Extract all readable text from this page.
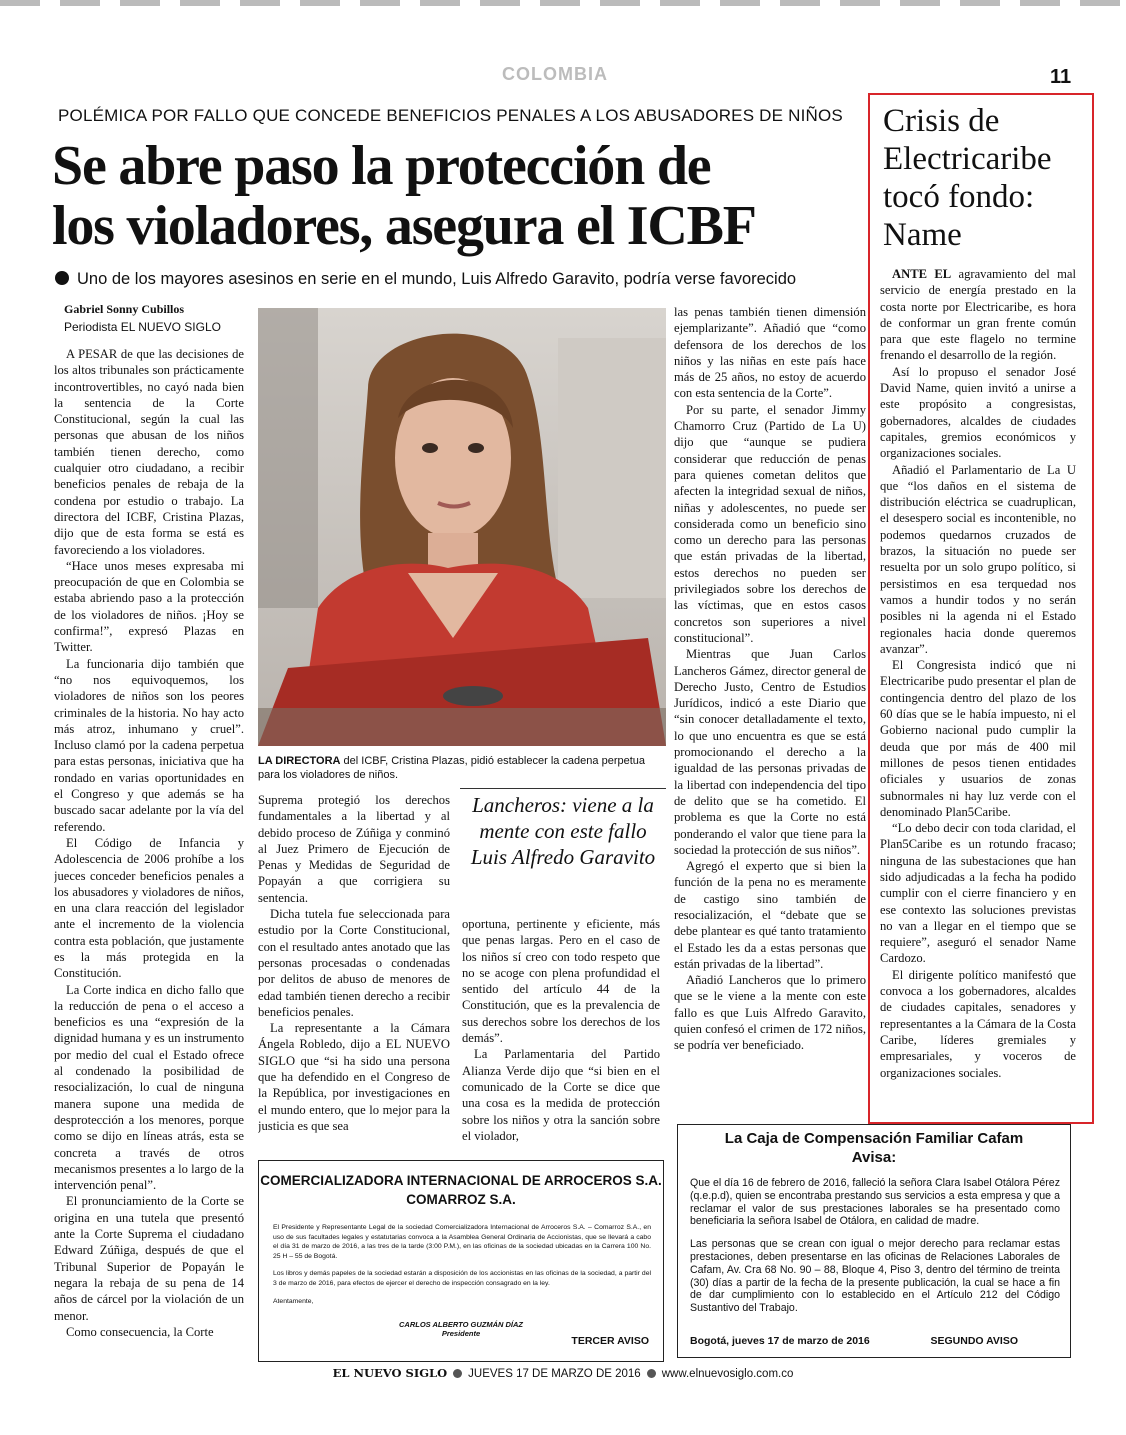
COLOMBIA	11
POLÉMICA POR FALLO QUE CONCEDE BENEFICIOS PENALES A LOS ABUSADORES DE NIÑOS
Se abre paso la protección de
los violadores, asegura el ICBF
Uno de los mayores asesinos en serie en el mundo, Luis Alfredo Garavito, podría verse favorecido
Gabriel Sonny Cubillos
Periodista EL NUEVO SIGLO

A PESAR de que las decisiones de los altos tribunales son prácticamente incontrovertibles, no cayó nada bien la sentencia de la Corte Constitucional, según la cual las personas que abusan de los niños también tienen derecho, como cualquier otro ciudadano, a recibir beneficios penales de rebaja de la condena por estudio o trabajo. La directora del ICBF, Cristina Plazas, dijo que de esta forma se está es favoreciendo a los violadores.

“Hace unos meses expresaba mi preocupación de que en Colombia se estaba abriendo paso a la protección de los violadores de niños. ¡Hoy se confirma!”, expresó Plazas en Twitter.

La funcionaria dijo también que “no nos equivoquemos, los violadores de niños son los peores criminales de la historia. No hay acto más atroz, inhumano y cruel”. Incluso clamó por la cadena perpetua para estas personas, iniciativa que ha rondado en varias oportunidades en el Congreso y que además se ha buscado sacar adelante por la vía del referendo.

El Código de Infancia y Adolescencia de 2006 prohíbe a los jueces conceder beneficios penales a los abusadores y violadores de niños, en una clara reacción del legislador ante el incremento de la violencia contra esta población, que justamente es la más protegida en la Constitución.

La Corte indica en dicho fallo que la reducción de pena o el acceso a beneficios es una “expresión de la dignidad humana y es un instrumento por medio del cual el Estado ofrece al condenado la posibilidad de resocialización, lo cual de ninguna manera supone una medida de desprotección a los menores, porque como se dijo en líneas atrás, esta se concreta a través de otros mecanismos presentes a lo largo de la intervención penal”.

El pronunciamiento de la Corte se origina en una tutela que presentó ante la Corte Suprema el ciudadano Edward Zúñiga, después de que el Tribunal Superior de Popayán le negara la rebaja de su pena de 14 años de cárcel por la violación de un menor.

Como consecuencia, la Corte

LA DIRECTORA del ICBF, Cristina Plazas, pidió establecer la cadena perpetua para los violadores de niños.

Suprema protegió los derechos fundamentales a la libertad y al debido proceso de Zúñiga y conminó al Juez Primero de Ejecución de Penas y Medidas de Seguridad de Popayán a que corrigiera su sentencia.

Dicha tutela fue seleccionada para estudio por la Corte Constitucional, con el resultado antes anotado que las personas procesadas o condenadas por delitos de abuso de menores de edad también tienen derecho a recibir beneficios penales.

La representante a la Cámara Ángela Robledo, dijo a EL NUEVO SIGLO que “si ha sido una persona que ha defendido en el Congreso de la República, por investigaciones en el mundo entero, que lo mejor para la justicia es que sea

Lancheros: viene a la mente con este fallo Luis Alfredo Garavito

oportuna, pertinente y eficiente, más que penas largas. Pero en el caso de los niños sí creo con todo respeto que no se acoge con plena profundidad el sentido del artículo 44 de la Constitución, que es la prevalencia de sus derechos sobre los derechos de los demás”.

La Parlamentaria del Partido Alianza Verde dijo que “si bien en el comunicado de la Corte se dice que una cosa es la medida de protección sobre los niños y otra la sanción sobre el violador,

las penas también tienen dimensión ejemplarizante”. Añadió que “como defensora de los derechos de los niños y las niñas en este país hace más de 25 años, no estoy de acuerdo con esta sentencia de la Corte”.

Por su parte, el senador Jimmy Chamorro Cruz (Partido de La U) dijo que “aunque se pudiera considerar que reducción de penas para quienes cometan delitos que afecten la integridad sexual de niños, niñas y adolescentes, no puede ser considerada como un beneficio sino como un derecho para las personas que están privadas de la libertad, estos derechos no pueden ser privilegiados sobre los derechos de las víctimas, que en estos casos concretos son superiores a nivel constitucional”.

Mientras que Juan Carlos Lancheros Gámez, director general de Derecho Justo, Centro de Estudios Jurídicos, indicó a este Diario que “sin conocer detalladamente el texto, lo que uno encuentra es que se está promocionando el derecho a la igualdad de las personas privadas de la libertad con independencia del tipo de delito que se ha cometido. El problema es que la Corte no está ponderando el valor que tiene para la sociedad la protección de sus niños”.

Agregó el experto que si bien la función de la pena no es meramente de castigo sino también de resocialización, el “debate que se debe plantear es qué tanto tratamiento el Estado les da a estas personas que están privadas de la libertad”.

Añadió Lancheros que lo primero que se le viene a la mente con este fallo es que Luis Alfredo Garavito, quien confesó el crimen de 172 niños, se podría ver beneficiado.

Crisis de
Electricaribe
tocó fondo:
Name

ANTE EL agravamiento del mal servicio de energía prestado en la costa norte por Electricaribe, es hora de conformar un gran frente común para que este flagelo no termine frenando el desarrollo de la región.

Así lo propuso el senador José David Name, quien invitó a unirse a este propósito a congresistas, gobernadores, alcaldes de ciudades capitales, gremios económicos y organizaciones sociales.

Añadió el Parlamentario de La U que “los daños en el sistema de distribución eléctrica se cuadruplican, el desespero social es incontenible, no podemos quedarnos cruzados de brazos, la situación no puede ser resuelta por un solo grupo político, si persistimos en esa terquedad nos vamos a hundir todos y no serán posibles ni la agenda ni el Estado regionales hacia donde queremos avanzar”.

El Congresista indicó que ni Electricaribe pudo presentar el plan de contingencia dentro del plazo de los 60 días que se le había impuesto, ni el Gobierno nacional pudo cumplir la deuda que por más de 400 mil millones de pesos tienen entidades oficiales y usuarios de zonas subnormales ni hay luz verde con el denominado Plan5Caribe.

“Lo debo decir con toda claridad, el Plan5Caribe es un rotundo fracaso; ninguna de las subestaciones que han sido adjudicadas a la fecha ha podido cumplir con el cierre financiero y en ese contexto las soluciones previstas no van a llegar en el tiempo que se requiere”, aseguró el senador Name Cardozo.

El dirigente político manifestó que convoca a los gobernadores, alcaldes de ciudades capitales, senadores y representantes a la Cámara de la Costa Caribe, líderes gremiales y empresariales, y voceros de organizaciones sociales.

COMERCIALIZADORA INTERNACIONAL DE ARROCEROS S.A.
COMARROZ S.A.
El Presidente y Representante Legal de la sociedad Comercializadora Internacional de Arroceros S.A. – Comarroz S.A., en uso de sus facultades legales y estatutarias convoca a la Asamblea General Ordinaria de Accionistas, que se llevará a cabo el día 31 de marzo de 2016, a las tres de la tarde (3:00 P.M.), en las oficinas de la sociedad ubicadas en la Carrera 100 No. 25 H – 55 de Bogotá.
Los libros y demás papeles de la sociedad estarán a disposición de los accionistas en las oficinas de la sociedad, a partir del 3 de marzo de 2016, para efectos de ejercer el derecho de inspección consagrado en la ley.
Atentamente,
CARLOS ALBERTO GUZMÁN DÍAZ
Presidente
TERCER AVISO
La Caja de Compensación Familiar Cafam
Avisa:
Que el día 16 de febrero de 2016, falleció la señora Clara Isabel Otálora Pérez (q.e.p.d), quien se encontraba prestando sus servicios a esta empresa y que a reclamar el valor de sus prestaciones laborales se ha presentado como beneficiaria la señora Isabel de Otálora, en calidad de madre.
Las personas que se crean con igual o mejor derecho para reclamar estas prestaciones, deben presentarse en las oficinas de Relaciones Laborales de Cafam, Av. Cra 68 No. 90 – 88, Bloque 4, Piso 3, dentro del término de treinta (30) días a partir de la fecha de la presente publicación, la cual se hace a fin de dar cumplimiento con lo establecido en el Artículo 212 del Código Sustantivo del Trabajo.
Bogotá, jueves 17 de marzo de 2016	SEGUNDO AVISO
EL NUEVO SIGLO JUEVES 17 DE MARZO DE 2016 www.elnuevosiglo.com.co
